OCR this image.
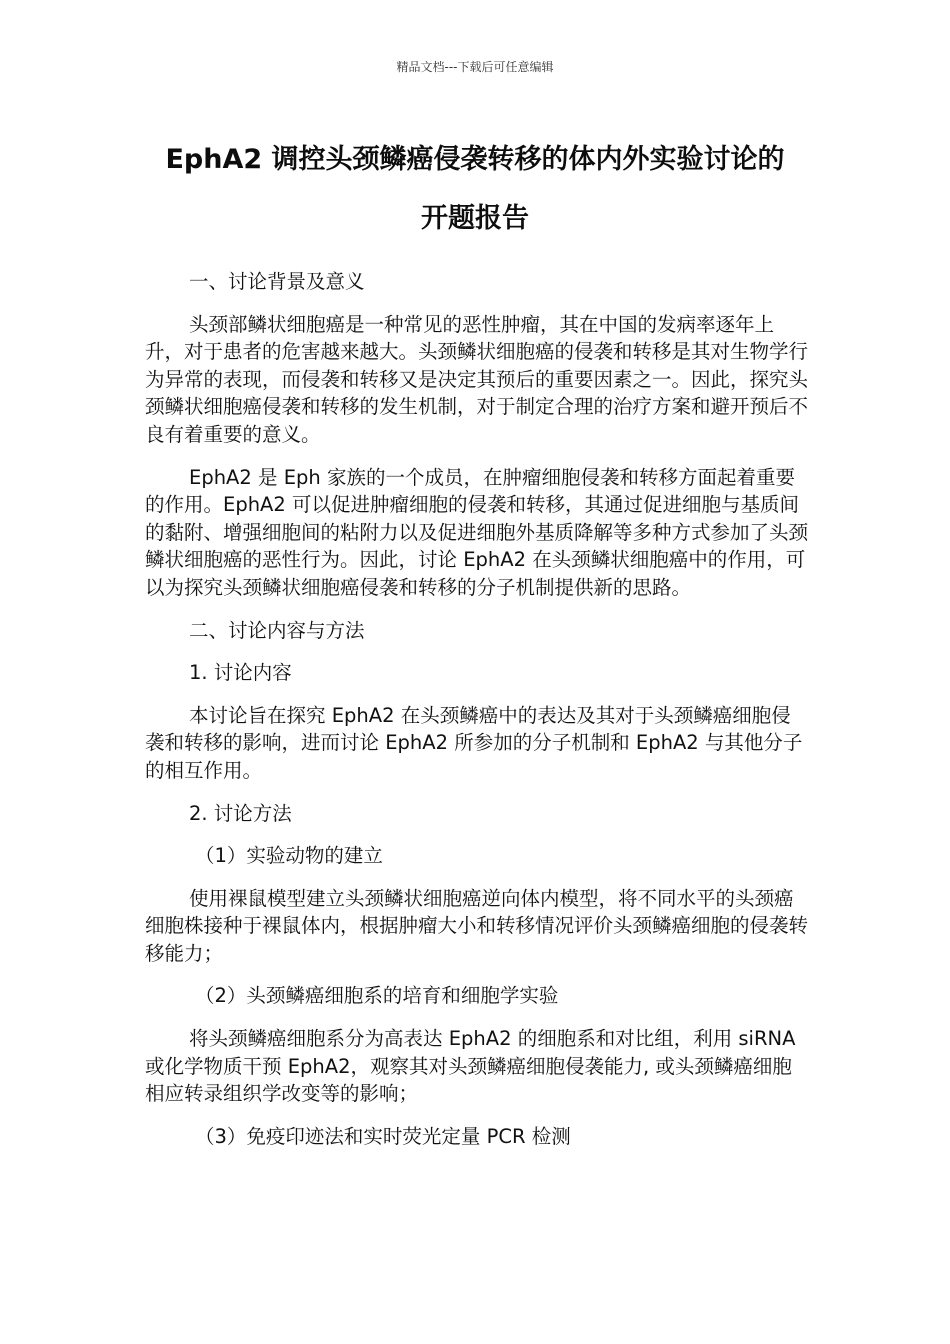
精品文档---下载后可任意编辑
EphA2 调控头颈鳞癌侵袭转移的体内外实验讨论的
开题报告

一、讨论背景及意义

头颈部鳞状细胞癌是一种常见的恶性肿瘤，其在中国的发病率逐年上升，对于患者的危害越来越大。头颈鳞状细胞癌的侵袭和转移是其对生物学行为异常的表现，而侵袭和转移又是决定其预后的重要因素之一。因此，探究头颈鳞状细胞癌侵袭和转移的发生机制，对于制定合理的治疗方案和避开预后不良有着重要的意义。

EphA2 是 Eph 家族的一个成员，在肿瘤细胞侵袭和转移方面起着重要的作用。EphA2 可以促进肿瘤细胞的侵袭和转移，其通过促进细胞与基质间的黏附、增强细胞间的粘附力以及促进细胞外基质降解等多种方式参加了头颈鳞状细胞癌的恶性行为。因此，讨论 EphA2 在头颈鳞状细胞癌中的作用，可以为探究头颈鳞状细胞癌侵袭和转移的分子机制提供新的思路。

二、讨论内容与方法

1. 讨论内容

本讨论旨在探究 EphA2 在头颈鳞癌中的表达及其对于头颈鳞癌细胞侵袭和转移的影响，进而讨论 EphA2 所参加的分子机制和 EphA2 与其他分子的相互作用。

2. 讨论方法

（1）实验动物的建立

使用裸鼠模型建立头颈鳞状细胞癌逆向体内模型，将不同水平的头颈癌细胞株接种于裸鼠体内，根据肿瘤大小和转移情况评价头颈鳞癌细胞的侵袭转移能力；

（2）头颈鳞癌细胞系的培育和细胞学实验

将头颈鳞癌细胞系分为高表达 EphA2 的细胞系和对比组，利用 siRNA 或化学物质干预 EphA2，观察其对头颈鳞癌细胞侵袭能力, 或头颈鳞癌细胞相应转录组织学改变等的影响；

（3）免疫印迹法和实时荧光定量 PCR 检测
